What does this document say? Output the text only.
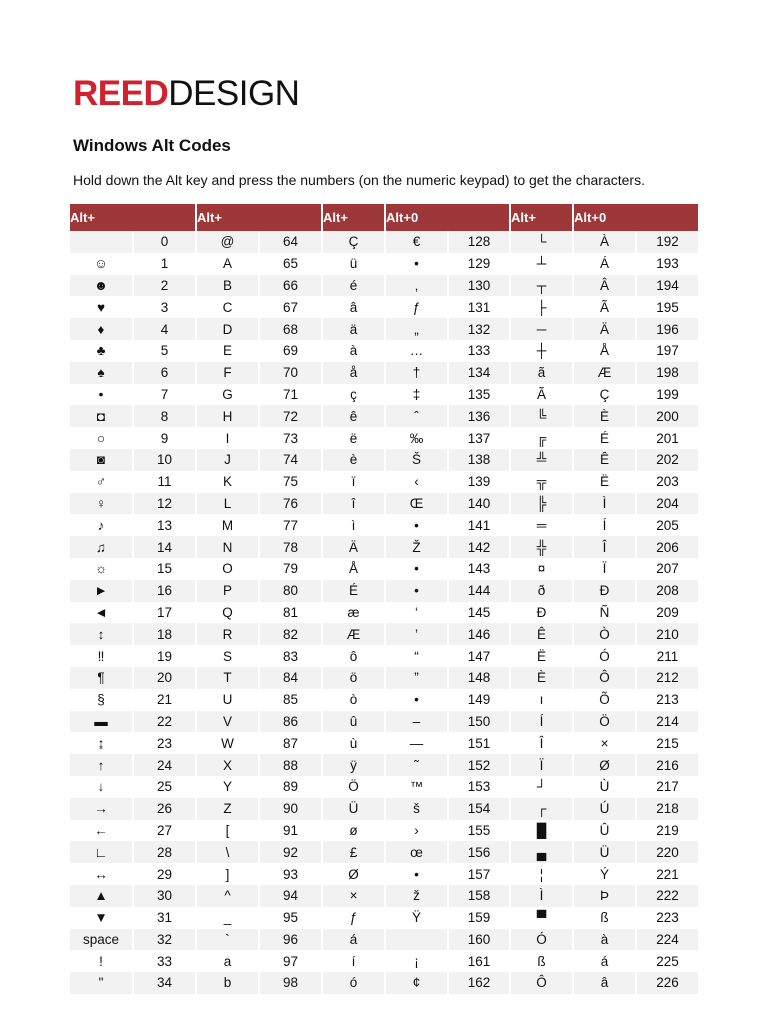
REEDDESIGN
Windows Alt Codes

Hold down the Alt key and press the numbers (on the numeric keypad) to get the characters.

Alt+		Alt+		Alt+	Alt+0		Alt+	Alt+0	
	0	@	64	Ç	€	128	└	À	192
☺	1	A	65	ü	•	129	┴	Á	193
☻	2	B	66	é	‚	130	┬	Â	194
♥	3	C	67	â	ƒ	131	├	Ã	195
♦	4	D	68	ä	„	132	─	Ä	196
♣	5	E	69	à	…	133	┼	Å	197
♠	6	F	70	å	†	134	ã	Æ	198
•	7	G	71	ç	‡	135	Ã	Ç	199
◘	8	H	72	ê	ˆ	136	╚	È	200
○	9	I	73	ë	‰	137	╔	É	201
◙	10	J	74	è	Š	138	╩	Ê	202
♂	11	K	75	ï	‹	139	╦	Ë	203
♀	12	L	76	î	Œ	140	╠	Ì	204
♪	13	M	77	ì	•	141	═	Í	205
♫	14	N	78	Ä	Ž	142	╬	Î	206
☼	15	O	79	Å	•	143	¤	Ï	207
►	16	P	80	É	•	144	ð	Ð	208
◄	17	Q	81	æ	‘	145	Ð	Ñ	209
↕	18	R	82	Æ	’	146	Ê	Ò	210
‼	19	S	83	ô	“	147	Ë	Ó	211
¶	20	T	84	ö	”	148	È	Ô	212
§	21	U	85	ò	•	149	ı	Õ	213
▬	22	V	86	û	–	150	Í	Ö	214
↨	23	W	87	ù	—	151	Î	×	215
↑	24	X	88	ÿ	˜	152	Ï	Ø	216
↓	25	Y	89	Ö	™	153	┘	Ù	217
→	26	Z	90	Ü	š	154	┌	Ú	218
←	27	[	91	ø	›	155	█	Û	219
∟	28	\	92	£	œ	156	▄	Ü	220
↔	29	]	93	Ø	•	157	¦	Ý	221
▲	30	^	94	×	ž	158	Ì	Þ	222
▼	31	_	95	ƒ	Ÿ	159	▀	ß	223
space	32	`	96	á		160	Ó	à	224
!	33	a	97	í	¡	161	ß	á	225
"	34	b	98	ó	¢	162	Ô	â	226
